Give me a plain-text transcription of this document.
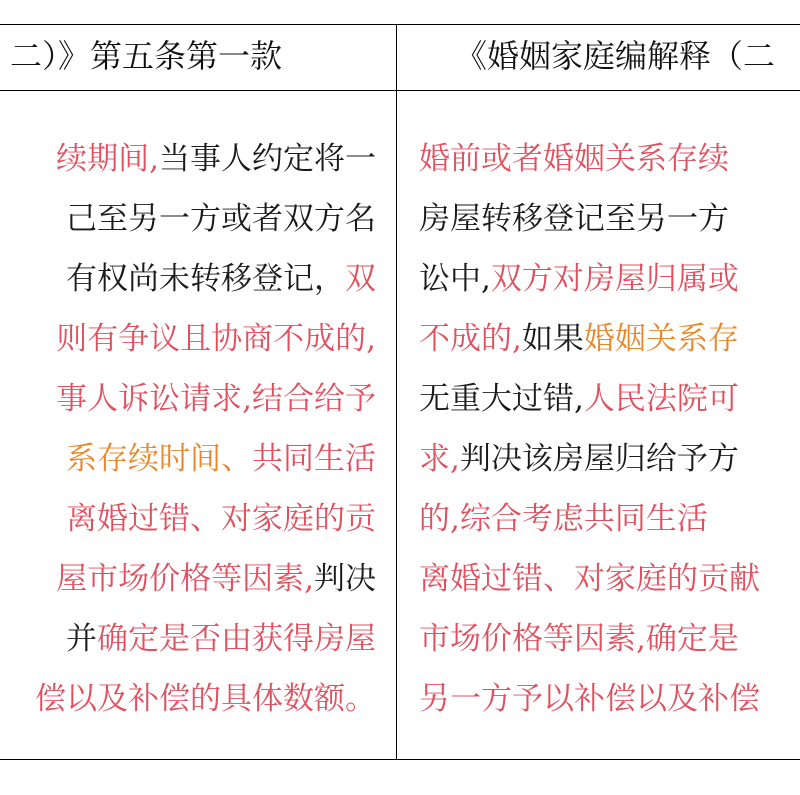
二）》第五条第一款	《婚姻家庭编解释（二
续期间,当事人约定将一
己至另一方或者双方名
有权尚未转移登记，双
则有争议且协商不成的,
事人诉讼请求,结合给予
系存续时间、共同生活
离婚过错、对家庭的贡
屋市场价格等因素,判决
并确定是否由获得房屋
偿以及补偿的具体数额。
婚前或者婚姻关系存续
房屋转移登记至另一方
讼中,双方对房屋归属或
不成的,如果婚姻关系存
无重大过错,人民法院可
求,判决该房屋归给予方
的,综合考虑共同生活
离婚过错、对家庭的贡献
市场价格等因素,确定是
另一方予以补偿以及补偿
